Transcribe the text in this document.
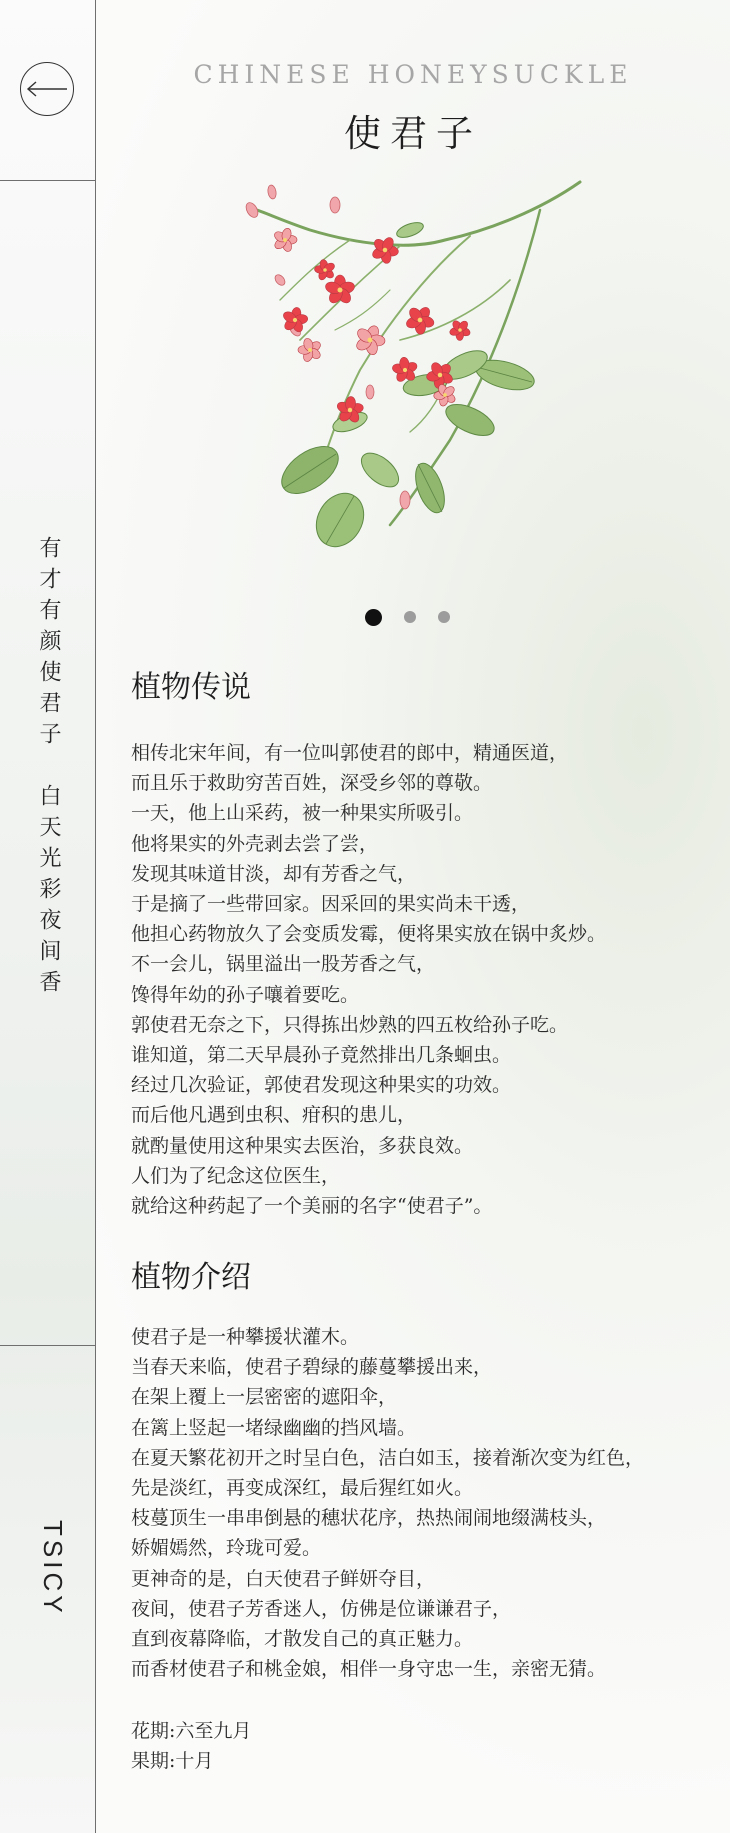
有才有颜使君子　白天光彩夜间香
TSICY
CHINESE HONEYSUCKLE
使君子
植物传说
相传北宋年间，有一位叫郭使君的郎中，精通医道，
而且乐于救助穷苦百姓，深受乡邻的尊敬。
一天，他上山采药，被一种果实所吸引。
他将果实的外壳剥去尝了尝，
发现其味道甘淡，却有芳香之气，
于是摘了一些带回家。因采回的果实尚未干透，
他担心药物放久了会变质发霉，便将果实放在锅中炙炒。
不一会儿，锅里溢出一股芳香之气，
馋得年幼的孙子嚷着要吃。
郭使君无奈之下，只得拣出炒熟的四五枚给孙子吃。
谁知道，第二天早晨孙子竟然排出几条蛔虫。
经过几次验证，郭使君发现这种果实的功效。
而后他凡遇到虫积、疳积的患儿，
就酌量使用这种果实去医治，多获良效。
人们为了纪念这位医生，
就给这种药起了一个美丽的名字“使君子”。
植物介绍
使君子是一种攀援状灌木。
当春天来临，使君子碧绿的藤蔓攀援出来，
在架上覆上一层密密的遮阳伞，
在篱上竖起一堵绿幽幽的挡风墙。
在夏天繁花初开之时呈白色，洁白如玉，接着渐次变为红色，
先是淡红，再变成深红，最后猩红如火。
枝蔓顶生一串串倒悬的穗状花序，热热闹闹地缀满枝头，
娇媚嫣然，玲珑可爱。
更神奇的是，白天使君子鲜妍夺目，
夜间，使君子芳香迷人，仿佛是位谦谦君子，
直到夜幕降临，才散发自己的真正魅力。
而香材使君子和桃金娘，相伴一身守忠一生，亲密无猜。
花期:六至九月
果期:十月
